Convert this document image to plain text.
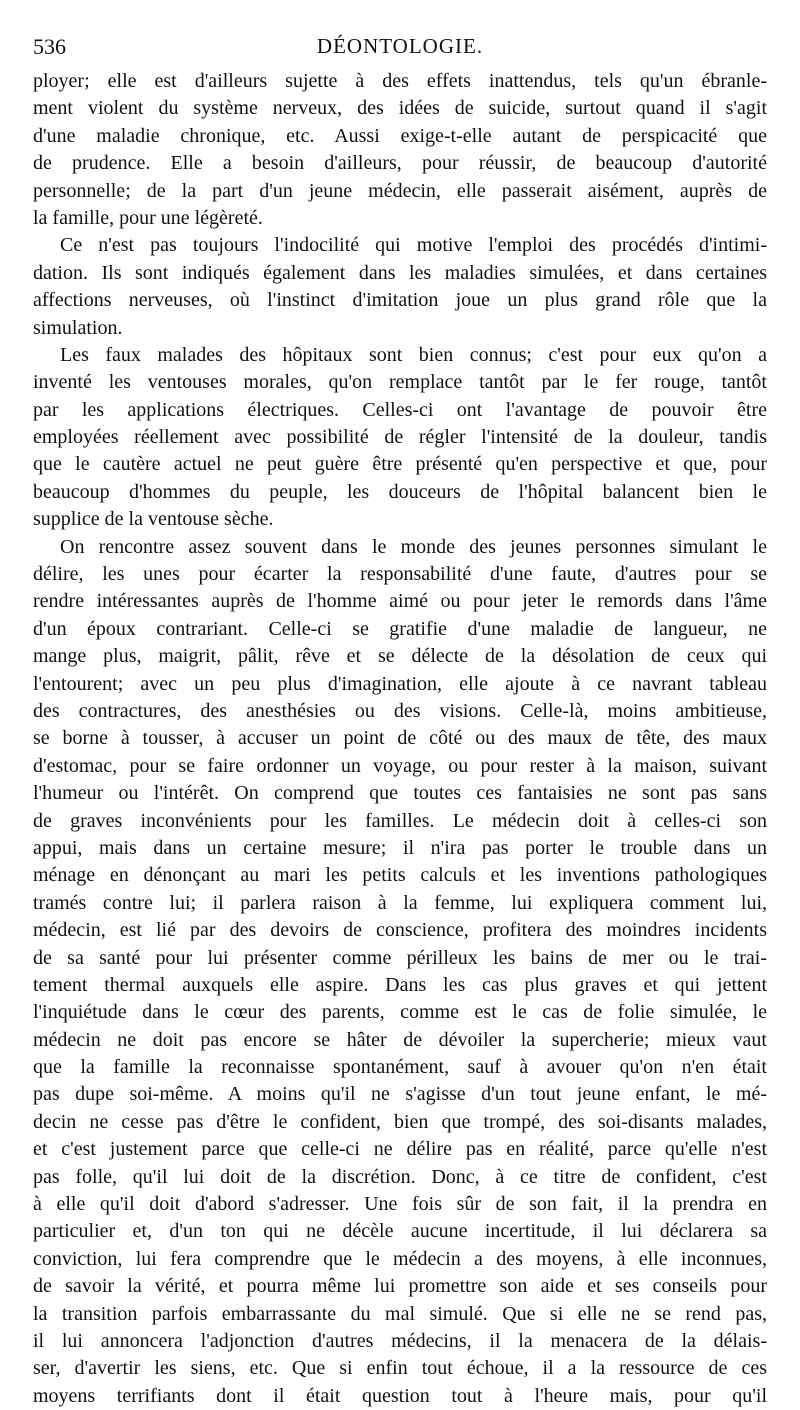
536	DÉONTOLOGIE.
ployer; elle est d'ailleurs sujette à des effets inattendus, tels qu'un ébranle-
ment violent du système nerveux, des idées de suicide, surtout quand il s'agit
d'une maladie chronique, etc. Aussi exige-t-elle autant de perspicacité que
de prudence. Elle a besoin d'ailleurs, pour réussir, de beaucoup d'autorité
personnelle; de la part d'un jeune médecin, elle passerait aisément, auprès de
la famille, pour une légèreté.
Ce n'est pas toujours l'indocilité qui motive l'emploi des procédés d'intimi-
dation. Ils sont indiqués également dans les maladies simulées, et dans certaines
affections nerveuses, où l'instinct d'imitation joue un plus grand rôle que la
simulation.
Les faux malades des hôpitaux sont bien connus; c'est pour eux qu'on a
inventé les ventouses morales, qu'on remplace tantôt par le fer rouge, tantôt
par les applications électriques. Celles-ci ont l'avantage de pouvoir être
employées réellement avec possibilité de régler l'intensité de la douleur, tandis
que le cautère actuel ne peut guère être présenté qu'en perspective et que, pour
beaucoup d'hommes du peuple, les douceurs de l'hôpital balancent bien le
supplice de la ventouse sèche.
On rencontre assez souvent dans le monde des jeunes personnes simulant le
délire, les unes pour écarter la responsabilité d'une faute, d'autres pour se
rendre intéressantes auprès de l'homme aimé ou pour jeter le remords dans l'âme
d'un époux contrariant. Celle-ci se gratifie d'une maladie de langueur, ne
mange plus, maigrit, pâlit, rêve et se délecte de la désolation de ceux qui
l'entourent; avec un peu plus d'imagination, elle ajoute à ce navrant tableau
des contractures, des anesthésies ou des visions. Celle-là, moins ambitieuse,
se borne à tousser, à accuser un point de côté ou des maux de tête, des maux
d'estomac, pour se faire ordonner un voyage, ou pour rester à la maison, suivant
l'humeur ou l'intérêt. On comprend que toutes ces fantaisies ne sont pas sans
de graves inconvénients pour les familles. Le médecin doit à celles-ci son
appui, mais dans un certaine mesure; il n'ira pas porter le trouble dans un
ménage en dénonçant au mari les petits calculs et les inventions pathologiques
tramés contre lui; il parlera raison à la femme, lui expliquera comment lui,
médecin, est lié par des devoirs de conscience, profitera des moindres incidents
de sa santé pour lui présenter comme périlleux les bains de mer ou le trai-
tement thermal auxquels elle aspire. Dans les cas plus graves et qui jettent
l'inquiétude dans le cœur des parents, comme est le cas de folie simulée, le
médecin ne doit pas encore se hâter de dévoiler la supercherie; mieux vaut
que la famille la reconnaisse spontanément, sauf à avouer qu'on n'en était
pas dupe soi-même. A moins qu'il ne s'agisse d'un tout jeune enfant, le mé-
decin ne cesse pas d'être le confident, bien que trompé, des soi-disants malades,
et c'est justement parce que celle-ci ne délire pas en réalité, parce qu'elle n'est
pas folle, qu'il lui doit de la discrétion. Donc, à ce titre de confident, c'est
à elle qu'il doit d'abord s'adresser. Une fois sûr de son fait, il la prendra en
particulier et, d'un ton qui ne décèle aucune incertitude, il lui déclarera sa
conviction, lui fera comprendre que le médecin a des moyens, à elle inconnues,
de savoir la vérité, et pourra même lui promettre son aide et ses conseils pour
la transition parfois embarrassante du mal simulé. Que si elle ne se rend pas,
il lui annoncera l'adjonction d'autres médecins, il la menacera de la délais-
ser, d'avertir les siens, etc. Que si enfin tout échoue, il a la ressource de ces
moyens terrifiants dont il était question tout à l'heure mais, pour qu'il
